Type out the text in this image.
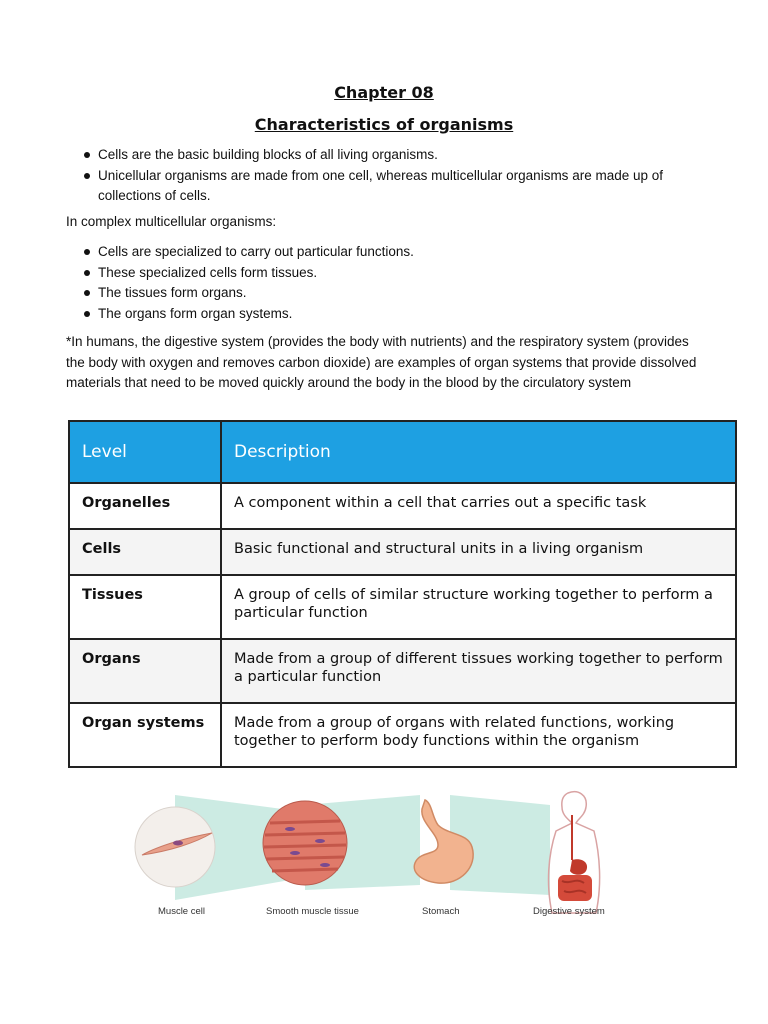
Chapter 08
Characteristics of organisms
Cells are the basic building blocks of all living organisms.
Unicellular organisms are made from one cell, whereas multicellular organisms are made up of collections of cells.

In complex multicellular organisms:

Cells are specialized to carry out particular functions.
These specialized cells form tissues.
The tissues form organs.
The organs form organ systems.

*In humans, the digestive system (provides the body with nutrients) and the respiratory system (provides the body with oxygen and removes carbon dioxide) are examples of organ systems that provide dissolved materials that need to be moved quickly around the body in the blood by the circulatory system

Level	Description
Organelles	A component within a cell that carries out a specific task
Cells	Basic functional and structural units in a living organism
Tissues	A group of cells of similar structure working together to perform a particular function
Organs	Made from a group of different tissues working together to perform a particular function
Organ systems	Made from a group of organs with related functions, working together to perform body functions within the organism
Muscle cell	Smooth muscle tissue	Stomach	Digestive system
